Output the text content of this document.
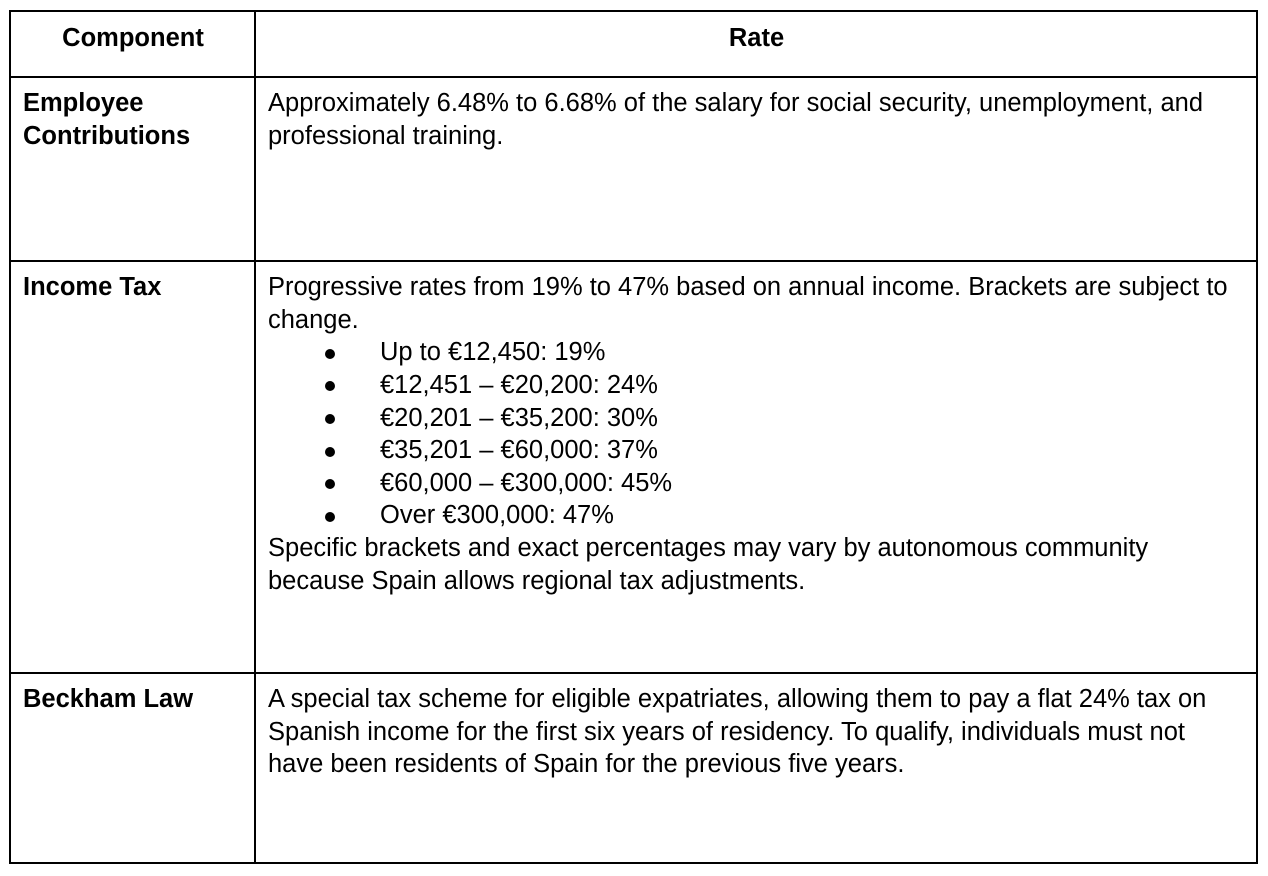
Component	Rate

Employee Contributions	Approximately 6.48% to 6.68% of the salary for social security, unemployment, and professional training.

Income Tax	Progressive rates from 19% to 47% based on annual income. Brackets are subject to change.

Up to €12,450: 19%
€12,451 – €20,200: 24%
€20,201 – €35,200: 30%
€35,201 – €60,000: 37%
€60,000 – €300,000: 45%
Over €300,000: 47%

Specific brackets and exact percentages may vary by autonomous community because Spain allows regional tax adjustments.

Beckham Law	A special tax scheme for eligible expatriates, allowing them to pay a flat 24% tax on Spanish income for the first six years of residency. To qualify, individuals must not have been residents of Spain for the previous five years.
